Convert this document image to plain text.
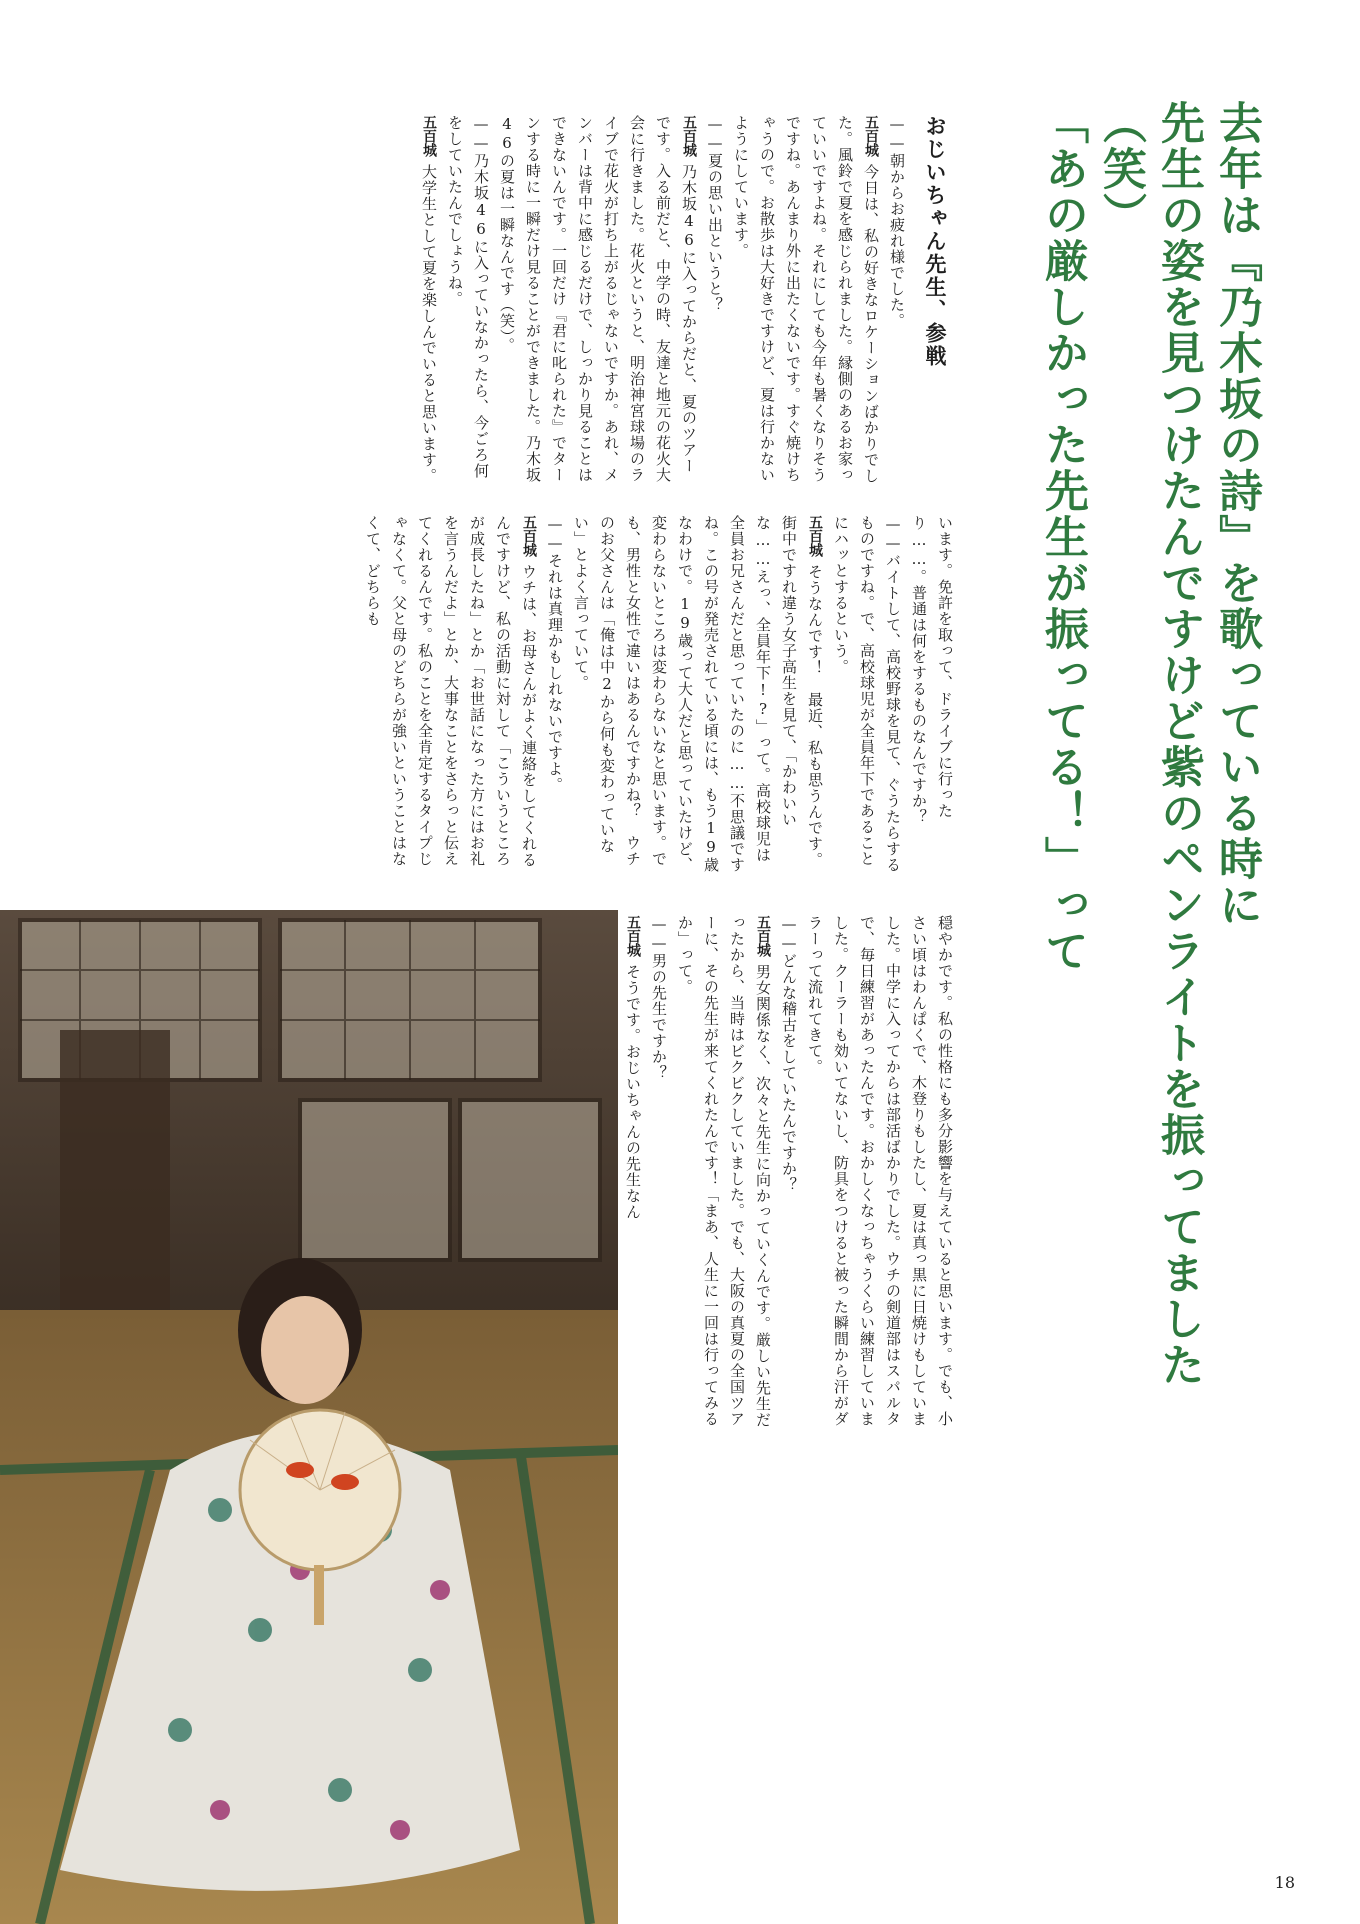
去年は『乃木坂の詩』を歌っている時に
先生の姿を見つけたんですけど紫のペンライトを振ってました（笑）
「あの厳しかった先生が振ってる！」って
おじいちゃん先生、参戦

——朝からお疲れ様でした。

五百城今日は、私の好きなロケーションばかりでした。風鈴で夏を感じられました。縁側のあるお家っていいですよね。それにしても今年も暑くなりそうですね。あんまり外に出たくないです。すぐ焼けちゃうので。お散歩は大好きですけど、夏は行かないようにしています。

——夏の思い出というと？

五百城乃木坂46に入ってからだと、夏のツアーです。入る前だと、中学の時、友達と地元の花火大会に行きました。花火というと、明治神宮球場のライブで花火が打ち上がるじゃないですか。あれ、メンバーは背中に感じるだけで、しっかり見ることはできないんです。一回だけ『君に叱られた』でターンする時に一瞬だけ見ることができました。乃木坂46の夏は一瞬なんです（笑）。

——乃木坂46に入っていなかったら、今ごろ何をしていたんでしょうね。

五百城大学生として夏を楽しんでいると思います。

います。免許を取って、ドライブに行ったり……。普通は何をするものなんですか？

——バイトして、高校野球を見て、ぐうたらするものですね。で、高校球児が全員年下であることにハッとするという。

五百城そうなんです！　最近、私も思うんです。街中ですれ違う女子高生を見て、「かわいいな……えっ、全員年下!?」って。高校球児は全員お兄さんだと思っていたのに……不思議ですね。この号が発売されている頃には、もう19歳なわけで。19歳って大人だと思っていたけど、変わらないところは変わらないなと思います。でも、男性と女性で違いはあるんですかね？　ウチのお父さんは「俺は中2から何も変わっていない」とよく言っていて。

——それは真理かもしれないですよ。

五百城ウチは、お母さんがよく連絡をしてくれるんですけど、私の活動に対して「こういうところが成長したね」とか「お世話になった方にはお礼を言うんだよ」とか、大事なことをさらっと伝えてくれるんです。私のことを全肯定するタイプじゃなくて。父と母のどちらが強いということはなくて、どちらも

穏やかです。私の性格にも多分影響を与えていると思います。でも、小さい頃はわんぱくで、木登りもしたし、夏は真っ黒に日焼けもしていました。中学に入ってからは部活ばかりでした。ウチの剣道部はスパルタで、毎日練習があったんです。おかしくなっちゃうくらい練習していました。クーラーも効いてないし、防具をつけると被った瞬間から汗がダラーって流れてきて。

——どんな稽古をしていたんですか？

五百城男女関係なく、次々と先生に向かっていくんです。厳しい先生だったから、当時はビクビクしていました。でも、大阪の真夏の全国ツアーに、その先生が来てくれたんです！「まあ、人生に一回は行ってみるか」って。

——男の先生ですか？

五百城そうです。おじいちゃんの先生なん

18
